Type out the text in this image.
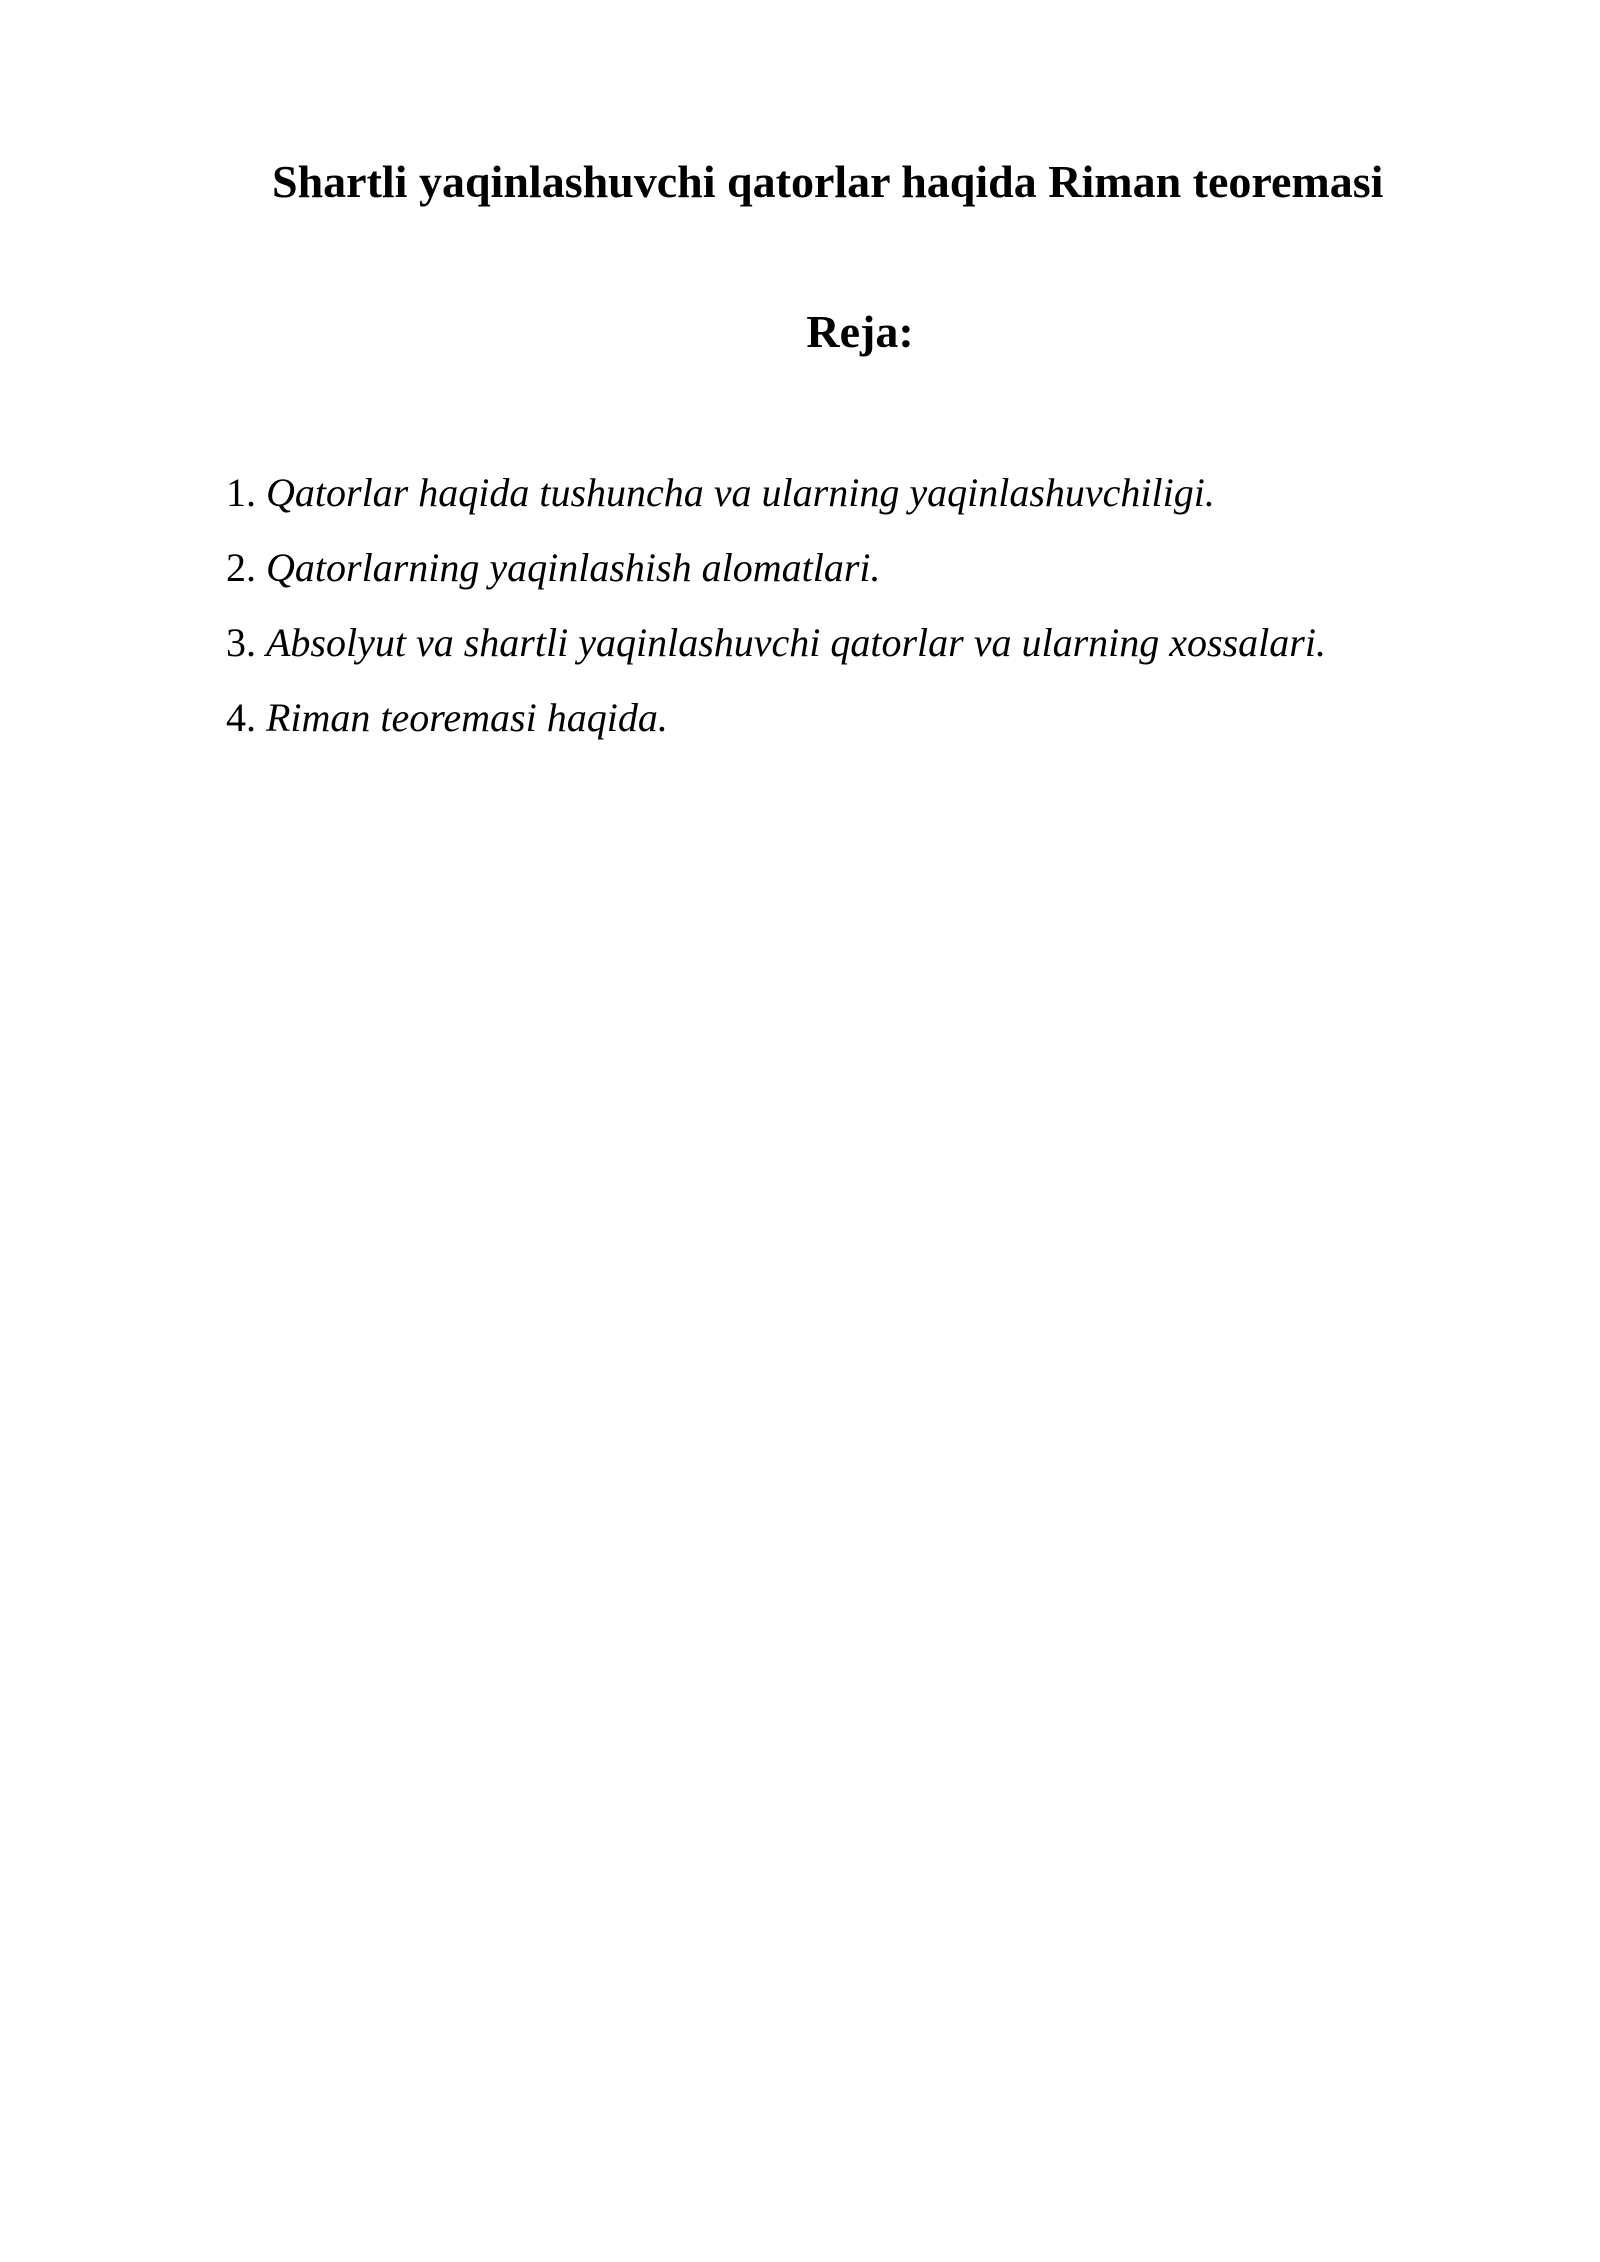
Shartli yaqinlashuvchi qatorlar haqida Riman teoremasi
Reja:
1. Qatorlar haqida tushuncha va ularning yaqinlashuvchiligi.
2. Qatorlarning yaqinlashish alomatlari.
3. Absolyut va shartli yaqinlashuvchi qatorlar va ularning xossalari.
4. Riman teoremasi haqida.
